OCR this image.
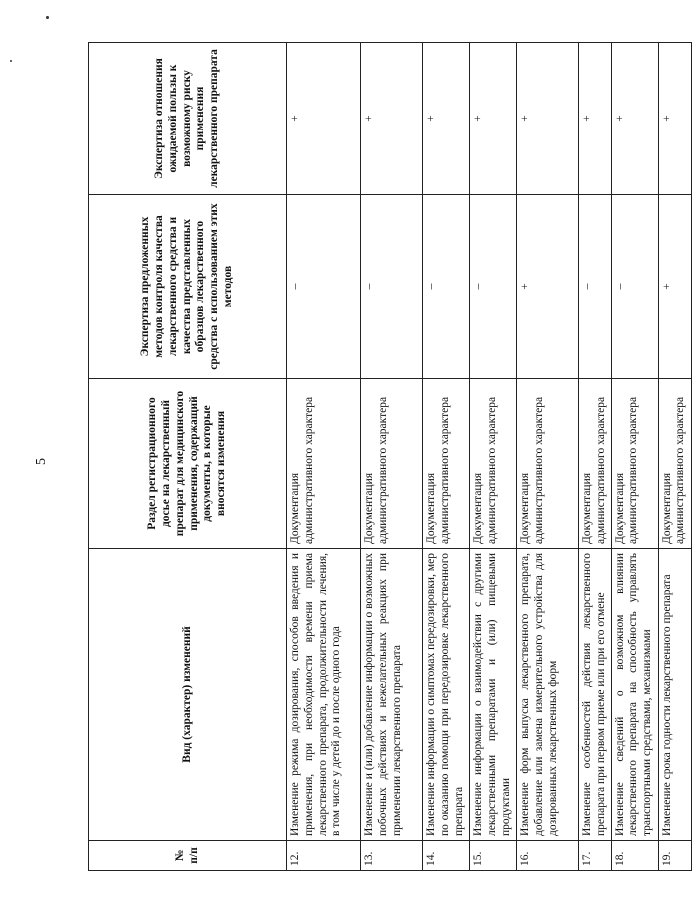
5
№ п/п	Вид (характер) изменений	Раздел регистрационного досье на лекарственный препарат для медицинского применения, содержащий документы, в которые вносятся изменения	Экспертиза предложенных методов контроля качества лекарственного средства и качества представленных образцов лекарственного средства с использованием этих методов	Экспертиза отношения ожидаемой пользы к возможному риску применения лекарственного препарата
12.	Изменение режима дозирования, способов введения и применения, при необходимости времени приема лекарственного препарата, продолжительности лечения, в том числе у детей до и после одного года	Документация административного характера	–	+
13.	Изменение и (или) добавление информации о возможных побочных действиях и нежелательных реакциях при применении лекарственного препарата	Документация административного характера	–	+
14.	Изменение информации о симптомах передозировки, мер по оказанию помощи при передозировке лекарственного препарата	Документация административного характера	–	+
15.	Изменение информации о взаимодействии с другими лекарственными препаратами и (или) пищевыми продуктами	Документация административного характера	–	+
16.	Изменение форм выпуска лекарственного препарата, добавление или замена измерительного устройства для дозированных лекарственных форм	Документация административного характера	+	+
17.	Изменение особенностей действия лекарственного препарата при первом приеме или при его отмене	Документация административного характера	–	+
18.	Изменение сведений о возможном влиянии лекарственного препарата на способность управлять транспортными средствами, механизмами	Документация административного характера	–	+
19.	Изменение срока годности лекарственного препарата	Документация административного характера	+	+
